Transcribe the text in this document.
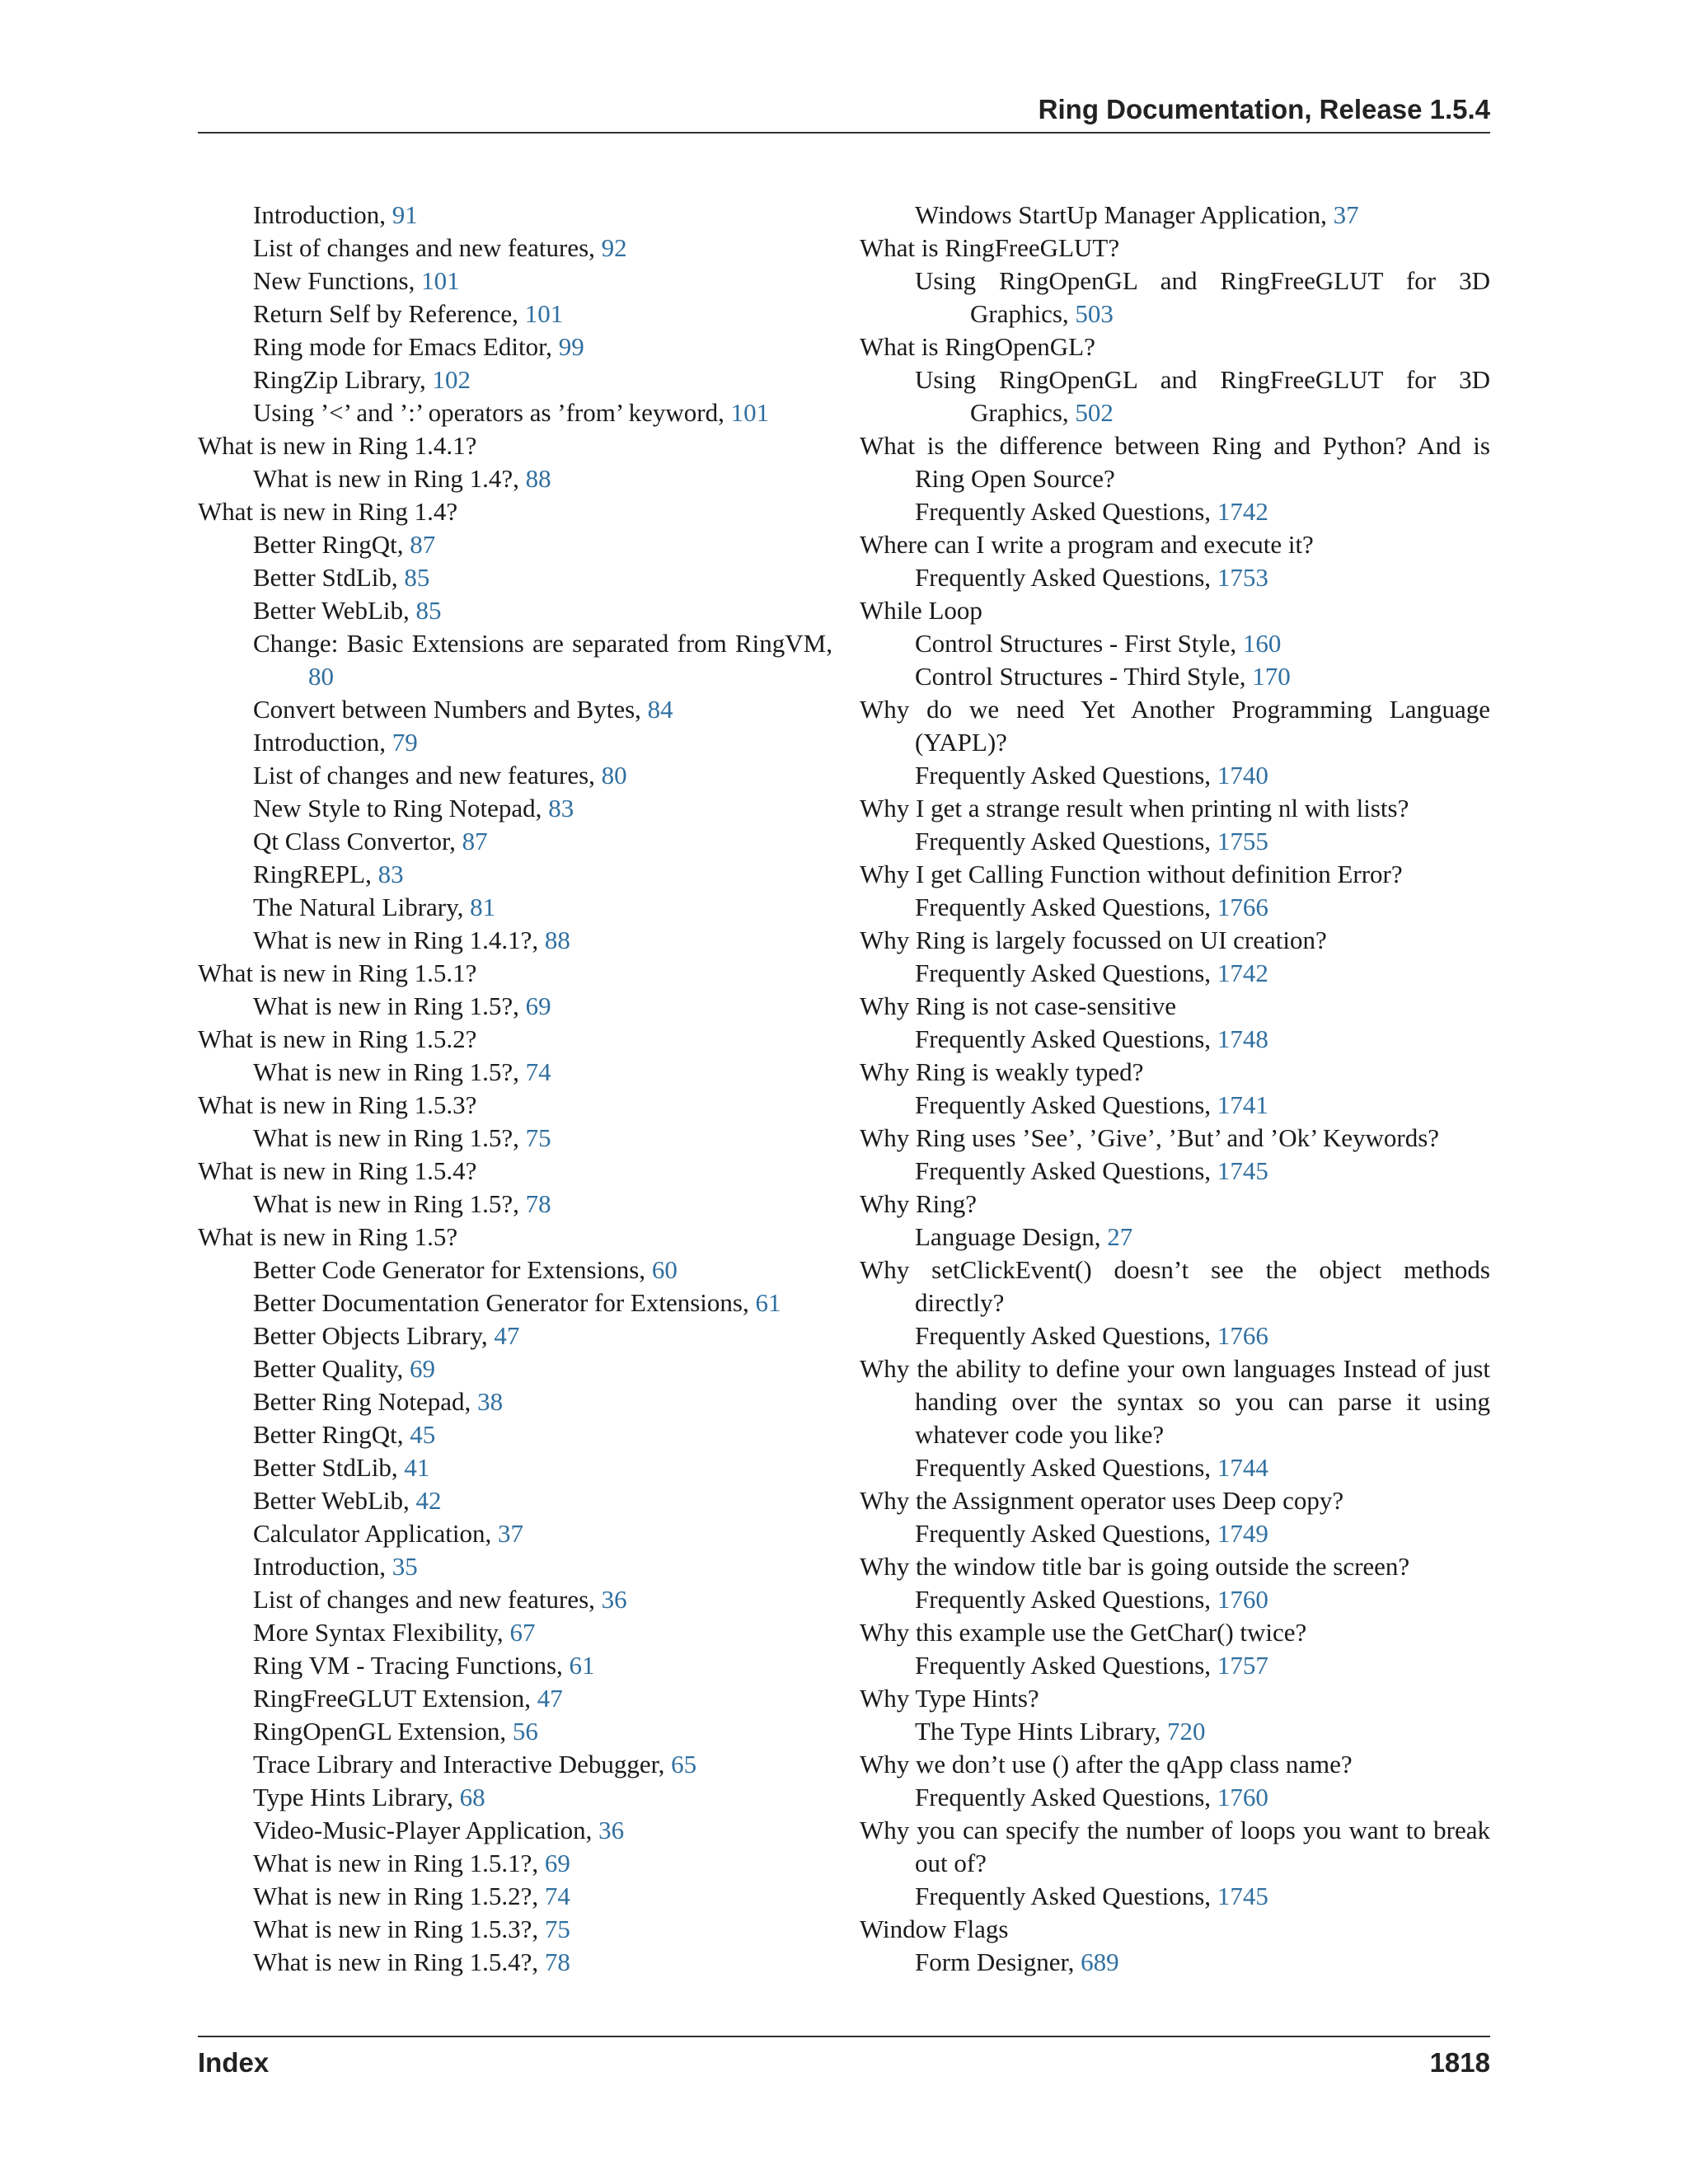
Ring Documentation, Release 1.5.4
Introduction, 91
List of changes and new features, 92
New Functions, 101
Return Self by Reference, 101
Ring mode for Emacs Editor, 99
RingZip Library, 102
Using ’<’ and ’:’ operators as ’from’ keyword, 101
What is new in Ring 1.4.1?
What is new in Ring 1.4?, 88
What is new in Ring 1.4?
Better RingQt, 87
Better StdLib, 85
Better WebLib, 85
Change: Basic Extensions are separated from RingVM, 80
Convert between Numbers and Bytes, 84
Introduction, 79
List of changes and new features, 80
New Style to Ring Notepad, 83
Qt Class Convertor, 87
RingREPL, 83
The Natural Library, 81
What is new in Ring 1.4.1?, 88
What is new in Ring 1.5.1?
What is new in Ring 1.5?, 69
What is new in Ring 1.5.2?
What is new in Ring 1.5?, 74
What is new in Ring 1.5.3?
What is new in Ring 1.5?, 75
What is new in Ring 1.5.4?
What is new in Ring 1.5?, 78
What is new in Ring 1.5?
Better Code Generator for Extensions, 60
Better Documentation Generator for Extensions, 61
Better Objects Library, 47
Better Quality, 69
Better Ring Notepad, 38
Better RingQt, 45
Better StdLib, 41
Better WebLib, 42
Calculator Application, 37
Introduction, 35
List of changes and new features, 36
More Syntax Flexibility, 67
Ring VM - Tracing Functions, 61
RingFreeGLUT Extension, 47
RingOpenGL Extension, 56
Trace Library and Interactive Debugger, 65
Type Hints Library, 68
Video-Music-Player Application, 36
What is new in Ring 1.5.1?, 69
What is new in Ring 1.5.2?, 74
What is new in Ring 1.5.3?, 75
What is new in Ring 1.5.4?, 78
Windows StartUp Manager Application, 37
What is RingFreeGLUT?
Using RingOpenGL and RingFreeGLUT for 3D Graphics, 503
What is RingOpenGL?
Using RingOpenGL and RingFreeGLUT for 3D Graphics, 502
What is the difference between Ring and Python? And is Ring Open Source?
Frequently Asked Questions, 1742
Where can I write a program and execute it?
Frequently Asked Questions, 1753
While Loop
Control Structures - First Style, 160
Control Structures - Third Style, 170
Why do we need Yet Another Programming Language (YAPL)?
Frequently Asked Questions, 1740
Why I get a strange result when printing nl with lists?
Frequently Asked Questions, 1755
Why I get Calling Function without definition Error?
Frequently Asked Questions, 1766
Why Ring is largely focussed on UI creation?
Frequently Asked Questions, 1742
Why Ring is not case-sensitive
Frequently Asked Questions, 1748
Why Ring is weakly typed?
Frequently Asked Questions, 1741
Why Ring uses ’See’, ’Give’, ’But’ and ’Ok’ Keywords?
Frequently Asked Questions, 1745
Why Ring?
Language Design, 27
Why setClickEvent() doesn’t see the object methods directly?
Frequently Asked Questions, 1766
Why the ability to define your own languages Instead of just handing over the syntax so you can parse it using whatever code you like?
Frequently Asked Questions, 1744
Why the Assignment operator uses Deep copy?
Frequently Asked Questions, 1749
Why the window title bar is going outside the screen?
Frequently Asked Questions, 1760
Why this example use the GetChar() twice?
Frequently Asked Questions, 1757
Why Type Hints?
The Type Hints Library, 720
Why we don’t use () after the qApp class name?
Frequently Asked Questions, 1760
Why you can specify the number of loops you want to break out of?
Frequently Asked Questions, 1745
Window Flags
Form Designer, 689
Index	1818
